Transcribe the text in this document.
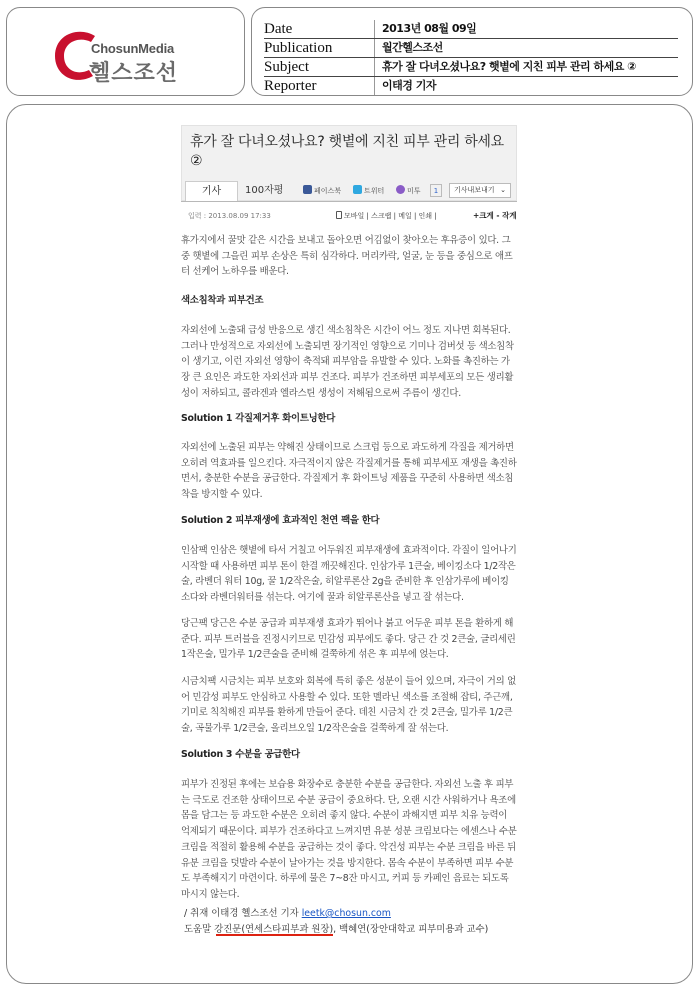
ChosunMedia
헬스조선
Date	2013년 08월 09일
Publication	월간헬스조선
Subject	휴가 잘 다녀오셨나요? 햇볕에 지친 피부 관리 하세요 ②
Reporter	이태경 기자
휴가 잘 다녀오셨나요? 햇볕에 지친 피부 관리 하세요 ②
기사	100자평	페이스북	트위터	미투	1	기사내보내기 ⌄
입력 : 2013.08.09 17:33	모바일 | 스크랩 | 메일 | 인쇄 |	+크게 - 작게

휴가지에서 꿀맛 같은 시간을 보내고 돌아오면 어김없이 찾아오는 후유증이 있다. 그중 햇볕에 그을린 피부 손상은 특히 심각하다. 머리카락, 얼굴, 눈 등을 중심으로 애프터 선케어 노하우를 배운다.

색소침착과 피부건조

자외선에 노출돼 급성 반응으로 생긴 색소침착은 시간이 어느 정도 지나면 회복된다. 그러나 만성적으로 자외선에 노출되면 장기적인 영향으로 기미나 검버섯 등 색소침착이 생기고, 이런 자외선 영향이 축적돼 피부암을 유발할 수 있다. 노화를 촉진하는 가장 큰 요인은 과도한 자외선과 피부 건조다. 피부가 건조하면 피부세포의 모든 생리활성이 저하되고, 콜라겐과 엘라스틴 생성이 저해됨으로써 주름이 생긴다.

Solution 1 각질제거후 화이트닝한다

자외선에 노출된 피부는 약해진 상태이므로 스크럽 등으로 과도하게 각질을 제거하면 오히려 역효과를 일으킨다. 자극적이지 않은 각질제거를 통해 피부세포 재생을 촉진하면서, 충분한 수분을 공급한다. 각질제거 후 화이트닝 제품을 꾸준히 사용하면 색소침착을 방지할 수 있다.

Solution 2 피부재생에 효과적인 천연 팩을 한다

인삼팩 인삼은 햇볕에 타서 거칠고 어두워진 피부재생에 효과적이다. 각질이 일어나기 시작할 때 사용하면 피부 톤이 한결 깨끗해진다. 인삼가루 1큰술, 베이킹소다 1/2작은술, 라벤더 워터 10g, 꿀 1/2작은술, 히알루론산 2g을 준비한 후 인삼가루에 베이킹소다와 라벤더워터를 섞는다. 여기에 꿀과 히알루론산을 넣고 잘 섞는다.

당근팩 당근은 수분 공급과 피부재생 효과가 뛰어나 붉고 어두운 피부 톤을 환하게 해준다. 피부 트러블을 진정시키므로 민감성 피부에도 좋다. 당근 간 것 2큰술, 글리세린 1작은술, 밀가루 1/2큰술을 준비해 걸쭉하게 섞은 후 피부에 얹는다.

시금치팩 시금치는 피부 보호와 회복에 특히 좋은 성분이 들어 있으며, 자극이 거의 없어 민감성 피부도 안심하고 사용할 수 있다. 또한 멜라닌 색소를 조절해 잡티, 주근깨, 기미로 칙칙해진 피부를 환하게 만들어 준다. 데친 시금치 간 것 2큰술, 밀가루 1/2큰술, 곡물가루 1/2큰술, 올리브오일 1/2작은술을 걸쭉하게 잘 섞는다.

Solution 3 수분을 공급한다

피부가 진정된 후에는 보습용 화장수로 충분한 수분을 공급한다. 자외선 노출 후 피부는 극도로 건조한 상태이므로 수분 공급이 중요하다. 단, 오랜 시간 사워하거나 욕조에 몸을 담그는 등 과도한 수분은 오히려 좋지 않다. 수분이 과해지면 피부 치유 능력이 억제되기 때문이다. 피부가 건조하다고 느껴지면 유분 성분 크림보다는 에센스나 수분크림을 적절히 활용해 수분을 공급하는 것이 좋다. 악건성 피부는 수분 크림을 바른 뒤 유분 크림을 덧발라 수분이 날아가는 것을 방지한다. 몸속 수분이 부족하면 피부 수분도 부족해지기 마련이다. 하루에 물은 7~8잔 마시고, 커피 등 카페인 음료는 되도록 마시지 않는다.

/ 취재 이태경 헬스조선 기자 leetk@chosun.com
도움말 강진문(연세스타피부과 원장), 백혜연(장안대학교 피부미용과 교수)
